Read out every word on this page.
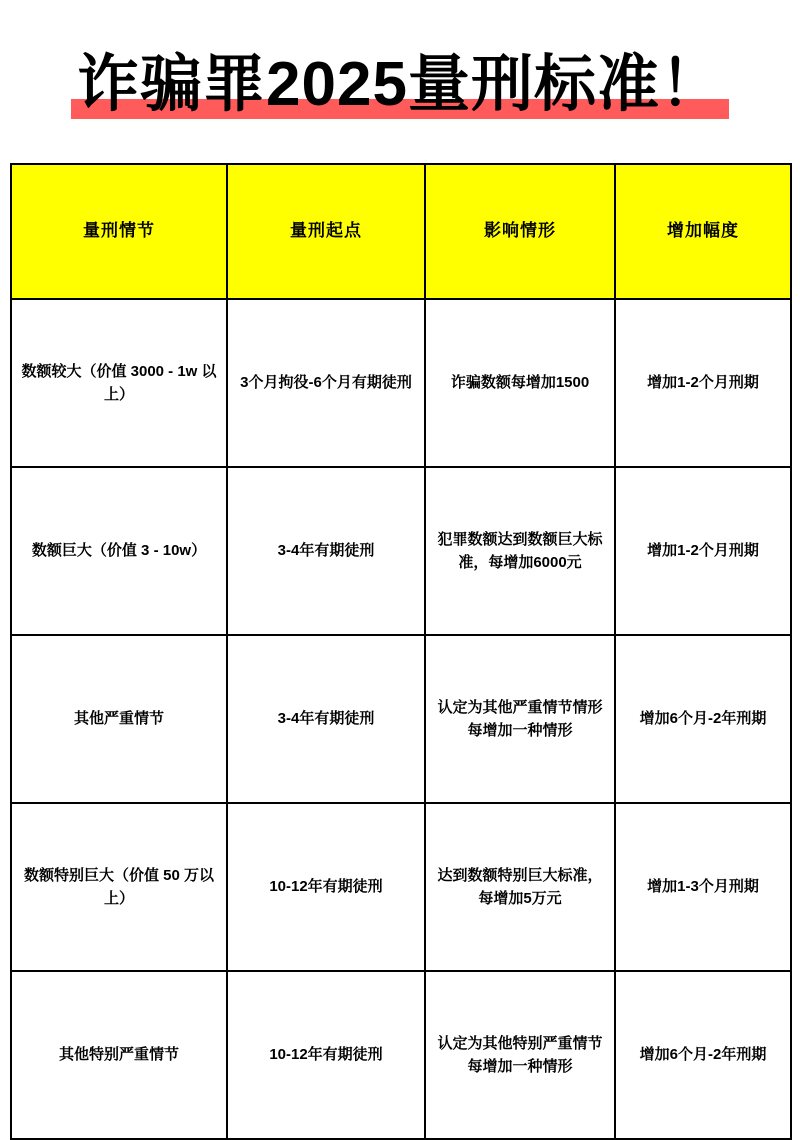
诈骗罪2025量刑标准！
量刑情节	量刑起点	影响情形	增加幅度
数额较大（价值 3000 - 1w 以上）	3个月拘役-6个月有期徒刑	诈骗数额每增加1500	增加1-2个月刑期
数额巨大（价值 3 - 10w）	3-4年有期徒刑	犯罪数额达到数额巨大标准，每增加6000元	增加1-2个月刑期
其他严重情节	3-4年有期徒刑	认定为其他严重情节情形每增加一种情形	增加6个月-2年刑期
数额特别巨大（价值 50 万以上）	10-12年有期徒刑	达到数额特别巨大标准，每增加5万元	增加1-3个月刑期
其他特别严重情节	10-12年有期徒刑	认定为其他特别严重情节每增加一种情形	增加6个月-2年刑期
